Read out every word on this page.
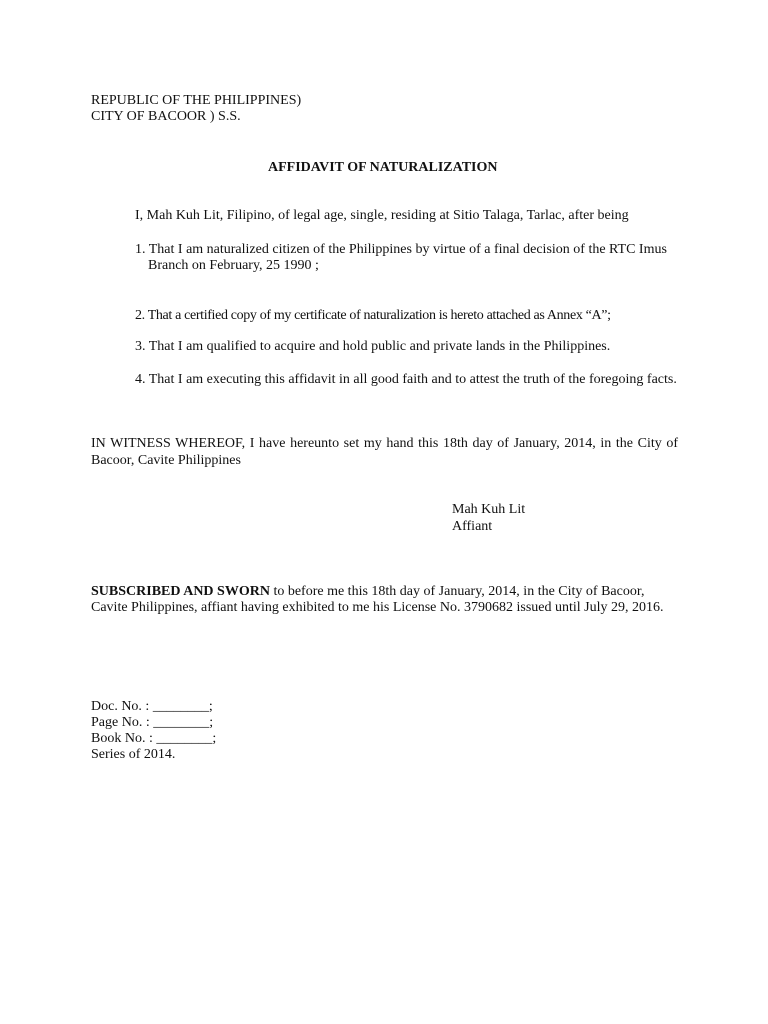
REPUBLIC OF THE PHILIPPINES)
CITY OF BACOOR ) S.S.
AFFIDAVIT OF NATURALIZATION
I, Mah Kuh Lit, Filipino, of legal age, single, residing at Sitio Talaga, Tarlac, after being
1. That I am naturalized citizen of the Philippines by virtue of a final decision of the RTC Imus
Branch on February, 25 1990 ;
2. That a certified copy of my certificate of naturalization is hereto attached as Annex “A”;
3. That I am qualified to acquire and hold public and private lands in the Philippines.
4. That I am executing this affidavit in all good faith and to attest the truth of the foregoing facts.
IN WITNESS WHEREOF, I have hereunto set my hand this 18th day of January, 2014, in the City of
Bacoor, Cavite Philippines
Mah Kuh Lit
Affiant
SUBSCRIBED AND SWORN to before me this 18th day of January, 2014, in the City of Bacoor,
Cavite Philippines, affiant having exhibited to me his License No. 3790682 issued until July 29, 2016.
Doc. No. : ________;
Page No. : ________;
Book No. : ________;
Series of 2014.
